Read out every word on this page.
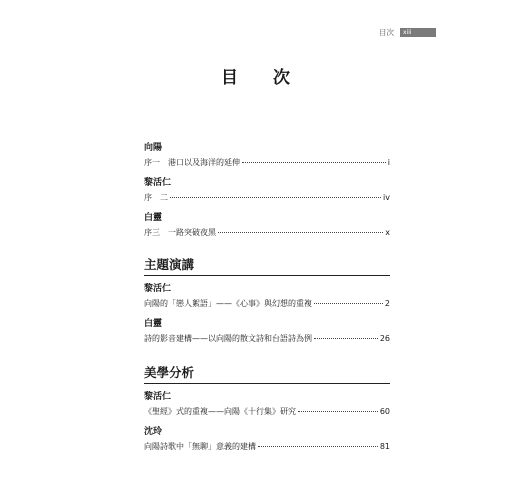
目次	xiii
目　次
向陽
序一　港口以及海洋的延伸	i
黎活仁
序　二	iv
白靈
序三　一路突破夜黑	x
主題演講
黎活仁
向陽的「戀人絮語」——《心事》與幻想的重複	2
白靈
詩的影音建構——以向陽的散文詩和台語詩為例	26
美學分析
黎活仁
《聖經》式的重複——向陽《十行集》研究	60
沈玲
向陽詩歌中「無聊」意義的建構	81
